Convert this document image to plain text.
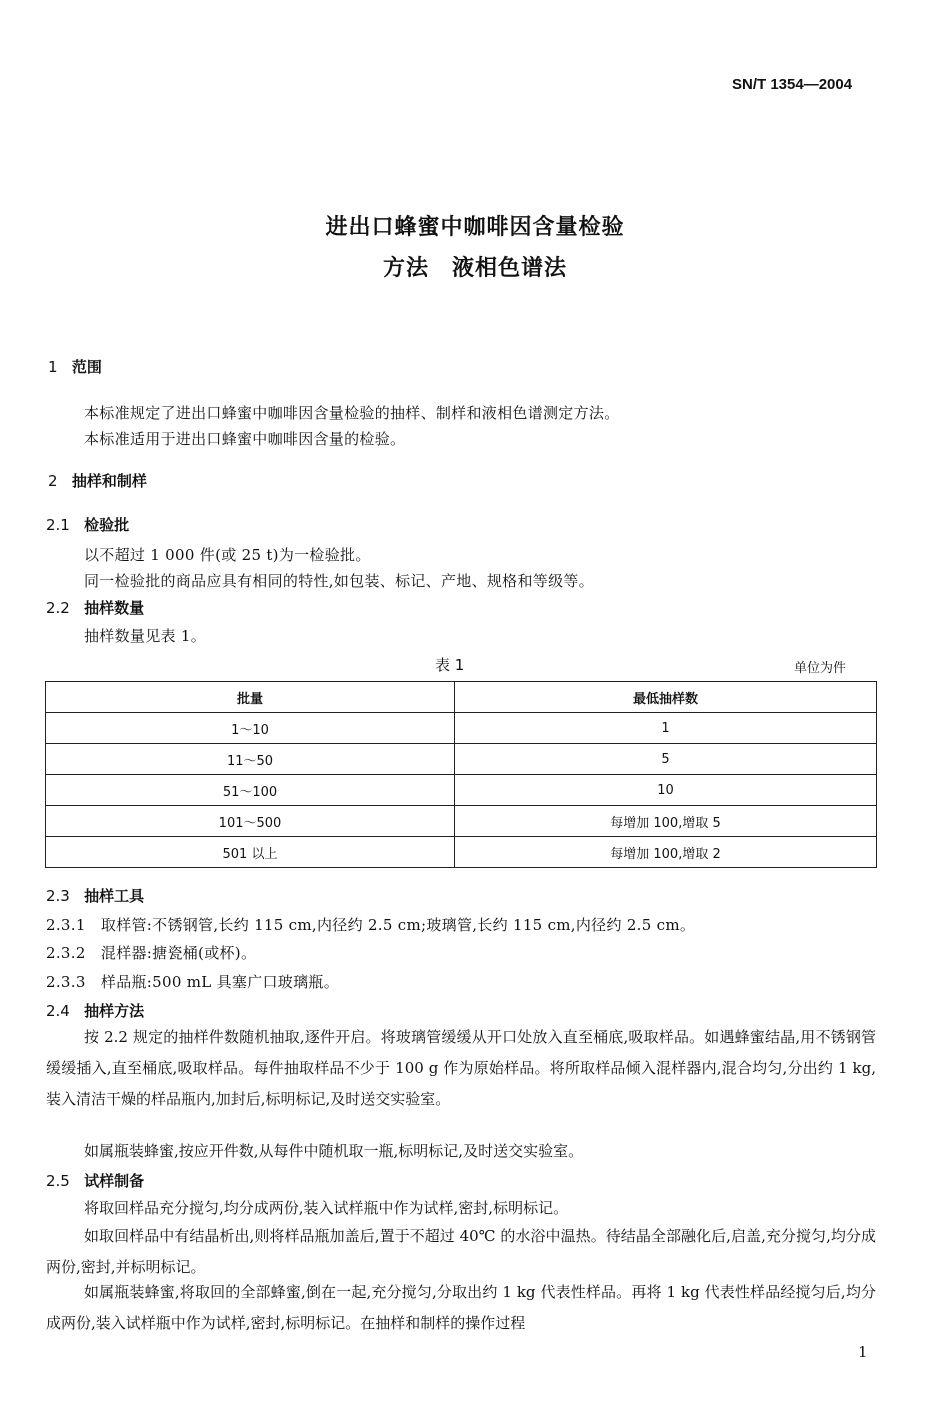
SN/T 1354—2004
进出口蜂蜜中咖啡因含量检验
方法　液相色谱法
1 范围
本标准规定了进出口蜂蜜中咖啡因含量检验的抽样、制样和液相色谱测定方法。
本标准适用于进出口蜂蜜中咖啡因含量的检验。
2 抽样和制样
2.1 检验批
以不超过 1 000 件(或 25 t)为一检验批。
同一检验批的商品应具有相同的特性,如包装、标记、产地、规格和等级等。
2.2 抽样数量
抽样数量见表 1。
表 1	单位为件
批量	最低抽样数
1～10	1
11～50	5
51～100	10
101～500	每增加 100,增取 5
501 以上	每增加 100,增取 2
2.3 抽样工具
2.3.1 取样管:不锈钢管,长约 115 cm,内径约 2.5 cm;玻璃管,长约 115 cm,内径约 2.5 cm。
2.3.2 混样器:搪瓷桶(或杯)。
2.3.3 样品瓶:500 mL 具塞广口玻璃瓶。
2.4 抽样方法
按 2.2 规定的抽样件数随机抽取,逐件开启。将玻璃管缓缓从开口处放入直至桶底,吸取样品。如遇蜂蜜结晶,用不锈钢管缓缓插入,直至桶底,吸取样品。每件抽取样品不少于 100 g 作为原始样品。将所取样品倾入混样器内,混合均匀,分出约 1 kg,装入清洁干燥的样品瓶内,加封后,标明标记,及时送交实验室。
如属瓶装蜂蜜,按应开件数,从每件中随机取一瓶,标明标记,及时送交实验室。
2.5 试样制备
将取回样品充分搅匀,均分成两份,装入试样瓶中作为试样,密封,标明标记。
如取回样品中有结晶析出,则将样品瓶加盖后,置于不超过 40℃ 的水浴中温热。待结晶全部融化后,启盖,充分搅匀,均分成两份,密封,并标明标记。
如属瓶装蜂蜜,将取回的全部蜂蜜,倒在一起,充分搅匀,分取出约 1 kg 代表性样品。再将 1 kg 代表性样品经搅匀后,均分成两份,装入试样瓶中作为试样,密封,标明标记。在抽样和制样的操作过程
1
